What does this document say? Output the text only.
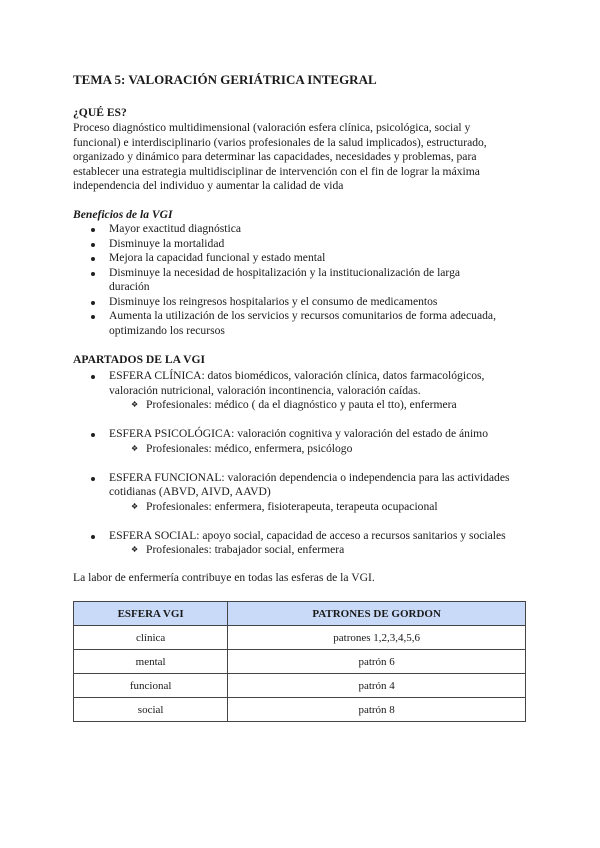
TEMA 5: VALORACIÓN GERIÁTRICA INTEGRAL
¿QUÉ ES?
Proceso diagnóstico multidimensional (valoración esfera clínica, psicológica, social y
funcional) e interdisciplinario (varios profesionales de la salud implicados), estructurado,
organizado y dinámico para determinar las capacidades, necesidades y problemas, para
establecer una estrategia multidisciplinar de intervención con el fin de lograr la máxima
independencia del individuo y aumentar la calidad de vida
Beneficios de la VGI
Mayor exactitud diagnóstica
Disminuye la mortalidad
Mejora la capacidad funcional y estado mental
Disminuye la necesidad de hospitalización y la institucionalización de larga
duración
Disminuye los reingresos hospitalarios y el consumo de medicamentos
Aumenta la utilización de los servicios y recursos comunitarios de forma adecuada,
optimizando los recursos
APARTADOS DE LA VGI
ESFERA CLÍNICA: datos biomédicos, valoración clínica, datos farmacológicos,
valoración nutricional, valoración incontinencia, valoración caídas.
❖ Profesionales: médico ( da el diagnóstico y pauta el tto), enfermera
ESFERA PSICOLÓGICA: valoración cognitiva y valoración del estado de ánimo
❖ Profesionales: médico, enfermera, psicólogo
ESFERA FUNCIONAL: valoración dependencia o independencia para las actividades
cotidianas (ABVD, AIVD, AAVD)
❖ Profesionales: enfermera, fisioterapeuta, terapeuta ocupacional
ESFERA SOCIAL: apoyo social, capacidad de acceso a recursos sanitarios y sociales
❖ Profesionales: trabajador social, enfermera
La labor de enfermería contribuye en todas las esferas de la VGI.
ESFERA VGI	PATRONES DE GORDON
clínica	patrones 1,2,3,4,5,6
mental	patrón 6
funcional	patrón 4
social	patrón 8
